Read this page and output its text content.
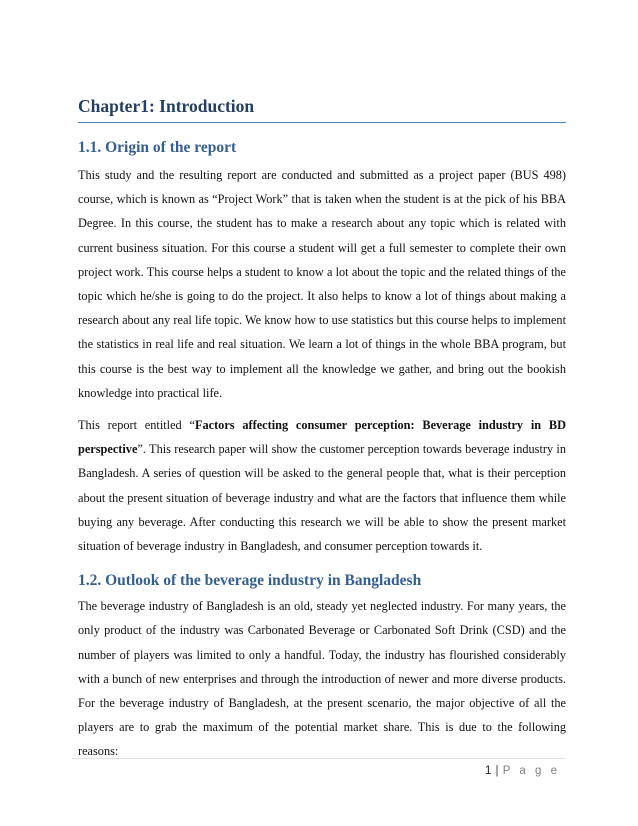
Chapter1: Introduction
1.1. Origin of the report

This study and the resulting report are conducted and submitted as a project paper (BUS 498) course, which is known as “Project Work” that is taken when the student is at the pick of his BBA Degree. In this course, the student has to make a research about any topic which is related with current business situation. For this course a student will get a full semester to complete their own project work. This course helps a student to know a lot about the topic and the related things of the topic which he/she is going to do the project. It also helps to know a lot of things about making a research about any real life topic. We know how to use statistics but this course helps to implement the statistics in real life and real situation. We learn a lot of things in the whole BBA program, but this course is the best way to implement all the knowledge we gather, and bring out the bookish knowledge into practical life.

This report entitled “Factors affecting consumer perception: Beverage industry in BD perspective”. This research paper will show the customer perception towards beverage industry in Bangladesh. A series of question will be asked to the general people that, what is their perception about the present situation of beverage industry and what are the factors that influence them while buying any beverage. After conducting this research we will be able to show the present market situation of beverage industry in Bangladesh, and consumer perception towards it.

1.2. Outlook of the beverage industry in Bangladesh

The beverage industry of Bangladesh is an old, steady yet neglected industry. For many years, the only product of the industry was Carbonated Beverage or Carbonated Soft Drink (CSD) and the number of players was limited to only a handful. Today, the industry has flourished considerably with a bunch of new enterprises and through the introduction of newer and more diverse products. For the beverage industry of Bangladesh, at the present scenario, the major objective of all the players are to grab the maximum of the potential market share. This is due to the following reasons:

1 | P a g e
